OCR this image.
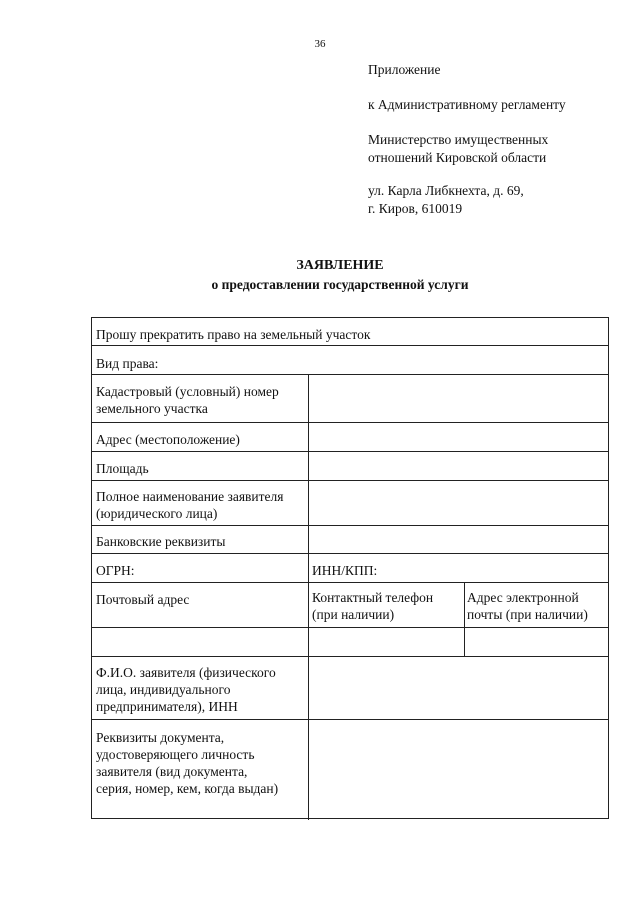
36
Приложение
к Административному регламенту
Министерство имущественных
отношений Кировской области
ул. Карла Либкнехта, д. 69,
г. Киров, 610019
ЗАЯВЛЕНИЕ
о предоставлении государственной услуги
Прошу прекратить право на земельный участок
Вид права:
Кадастровый (условный) номер
земельного участка
Адрес (местоположение)
Площадь
Полное наименование заявителя
(юридического лица)
Банковские реквизиты
ОГРН:	ИНН/КПП:
Почтовый адрес	Контактный телефон
(при наличии)
Адрес электронной
почты (при наличии)
Ф.И.О. заявителя (физического
лица, индивидуального
предпринимателя), ИНН
Реквизиты документа,
удостоверяющего личность
заявителя (вид документа,
серия, номер, кем, когда выдан)
